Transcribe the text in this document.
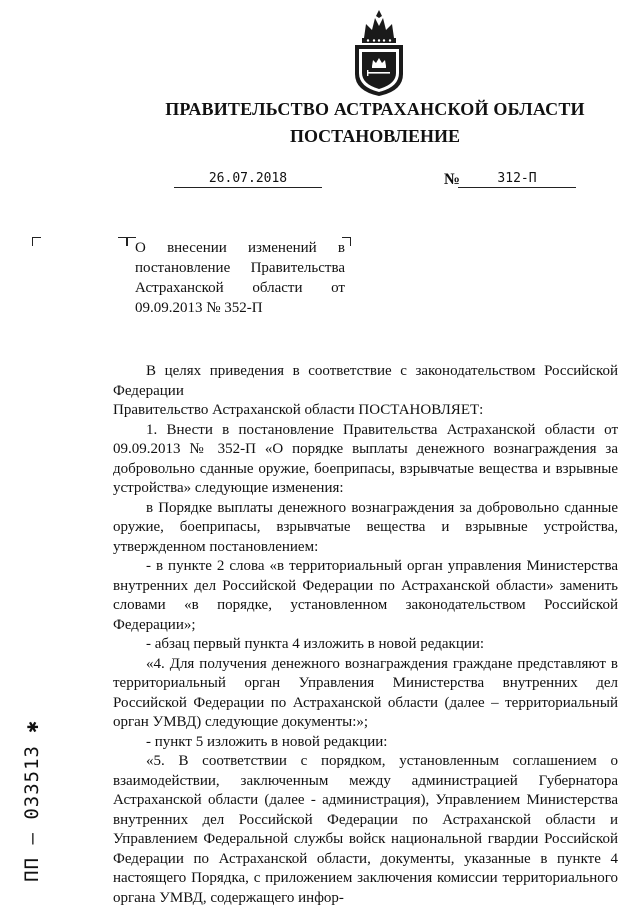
ПРАВИТЕЛЬСТВО АСТРАХАНСКОЙ ОБЛАСТИ
ПОСТАНОВЛЕНИЕ
26.07.2018	№	312-П
О внесении изменений в постановление Правительства Астраханской области от 09.09.2013 № 352-П

В целях приведения в соответствие с законодательством Российской Федерации

Правительство Астраханской области ПОСТАНОВЛЯЕТ:

1. Внести в постановление Правительства Астраханской области от 09.09.2013 № 352-П «О порядке выплаты денежного вознаграждения за добровольно сданные оружие, боеприпасы, взрывчатые вещества и взрывные устройства» следующие изменения:

в Порядке выплаты денежного вознаграждения за добровольно сданные оружие, боеприпасы, взрывчатые вещества и взрывные устройства, утвержденном постановлением:

- в пункте 2 слова «в территориальный орган управления Министерства внутренних дел Российской Федерации по Астраханской области» заменить словами «в порядке, установленном законодательством Российской Федерации»;

- абзац первый пункта 4 изложить в новой редакции:

«4. Для получения денежного вознаграждения граждане представляют в территориальный орган Управления Министерства внутренних дел Российской Федерации по Астраханской области (далее – территориальный орган УМВД) следующие документы:»;

- пункт 5 изложить в новой редакции:

«5. В соответствии с порядком, установленным соглашением о взаимодействии, заключенным между администрацией Губернатора Астраханской области (далее - администрация), Управлением Министерства внутренних дел Российской Федерации по Астраханской области и Управлением Федеральной службы войск национальной гвардии Российской Федерации по Астраханской области, документы, указанные в пункте 4 настоящего Порядка, с приложением заключения комиссии территориального органа УМВД, содержащего инфор-

ПП – 033513 ✱
